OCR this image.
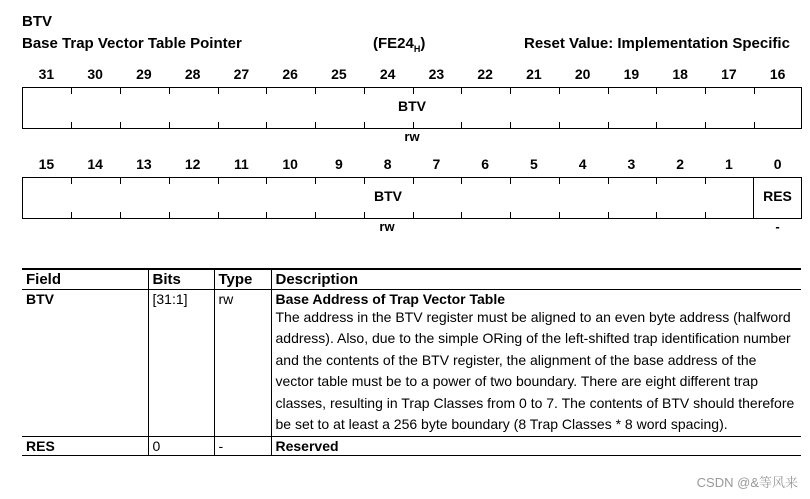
BTV
Base Trap Vector Table Pointer	$(FE24_H)$	Reset Value: Implementation Specific
31	30	29	28	27	26	25	24	23	22	21	20	19	18	17	16
BTV
rw
15	14	13	12	11	10	9	8	7	6	5	4	3	2	1	0
BTV	RES
rw	-
Field	Bits	Type	Description
BTV	[31:1]	rw	Base Address of Trap Vector Table
The address in the BTV register must be aligned to an even byte address (halfword address). Also, due to the simple ORing of the left-shifted trap identification number and the contents of the BTV register, the alignment of the base address of the vector table must be to a power of two boundary. There are eight different trap classes, resulting in Trap Classes from 0 to 7. The contents of BTV should therefore be set to at least a 256 byte boundary (8 Trap Classes * 8 word spacing).

RES	0	-	Reserved
CSDN @&等风来
